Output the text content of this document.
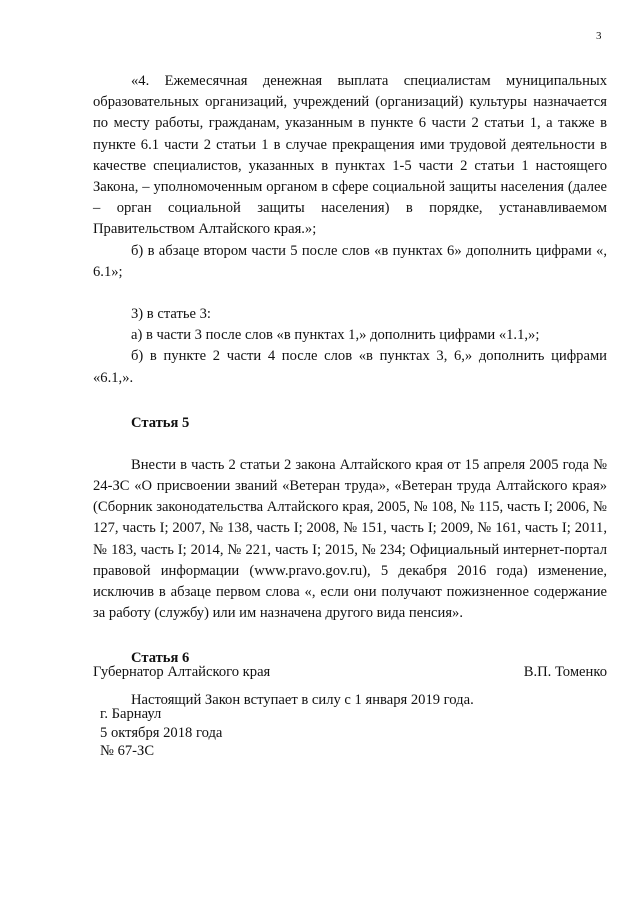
3

«4. Ежемесячная денежная выплата специалистам муниципальных образовательных организаций, учреждений (организаций) культуры назначается по месту работы, гражданам, указанным в пункте 6 части 2 статьи 1, а также в пункте 6.1 части 2 статьи 1 в случае прекращения ими трудовой деятельности в качестве специалистов, указанных в пунктах 1-5 части 2 статьи 1 настоящего Закона, – уполномоченным органом в сфере социальной защиты населения (далее – орган социальной защиты населения) в порядке, устанавливаемом Правительством Алтайского края.»;

б) в абзаце втором части 5 после слов «в пунктах 6» дополнить цифрами «, 6.1»;

3) в статье 3:

а) в части 3 после слов «в пунктах 1,» дополнить цифрами «1.1,»;

б) в пункте 2 части 4 после слов «в пунктах 3, 6,» дополнить цифрами «6.1,».

Статья 5

Внести в часть 2 статьи 2 закона Алтайского края от 15 апреля 2005 года № 24-ЗС «О присвоении званий «Ветеран труда», «Ветеран труда Алтайского края» (Сборник законодательства Алтайского края, 2005, № 108, № 115, часть I; 2006, № 127, часть I; 2007, № 138, часть I; 2008, № 151, часть I; 2009, № 161, часть I; 2011, № 183, часть I; 2014, № 221, часть I; 2015, № 234; Официальный интернет-портал правовой информации (www.pravo.gov.ru), 5 декабря 2016 года) изменение, исключив в абзаце первом слова «, если они получают пожизненное содержание за работу (службу) или им назначена другого вида пенсия».

Статья 6

Настоящий Закон вступает в силу с 1 января 2019 года.

Губернатор Алтайского края	В.П. Томенко
г. Барнаул
5 октября 2018 года
№ 67-ЗС
